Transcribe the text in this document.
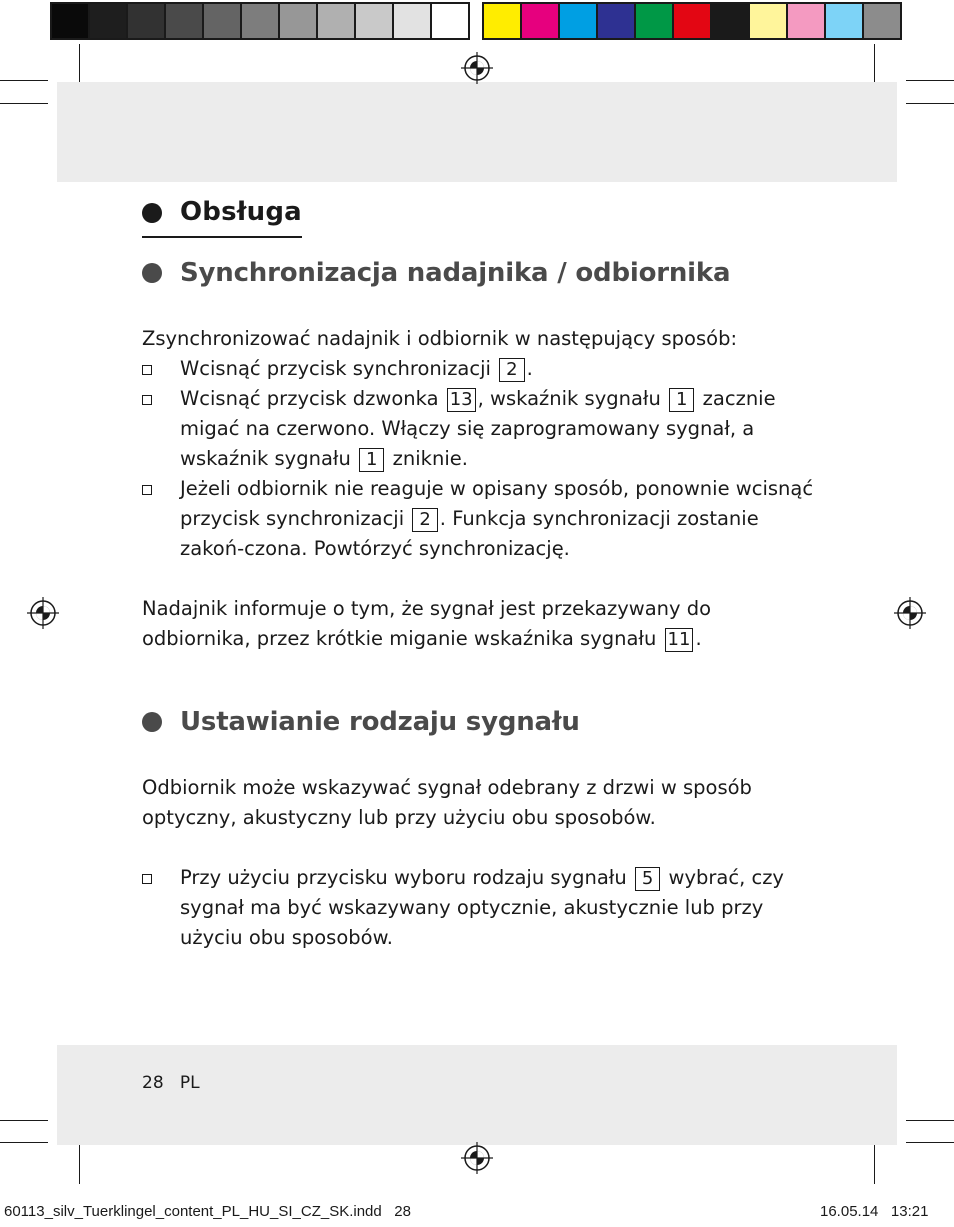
Obsługa
Synchronizacja nadajnika / odbiornika
Zsynchronizować nadajnik i odbiornik w następujący sposób:
Wcisnąć przycisk synchronizacji 2 .
Wcisnąć przycisk dzwonka 13 , wskaźnik sygnału 1 zacznie migać na czerwono. Włączy się zaprogramowany sygnał, a wskaźnik sygnału 1 zniknie.
Jeżeli odbiornik nie reaguje w opisany sposób, ponownie wcisnąć przycisk synchronizacji 2 . Funkcja synchronizacji zostanie zakoń-czona. Powtórzyć synchronizację.
Nadajnik informuje o tym, że sygnał jest przekazywany do odbiornika, przez krótkie miganie wskaźnika sygnału 11 .
Ustawianie rodzaju sygnału
Odbiornik może wskazywać sygnał odebrany z drzwi w sposób optyczny, akustyczny lub przy użyciu obu sposobów.
Przy użyciu przycisku wyboru rodzaju sygnału 5 wybrać, czy sygnał ma być wskazywany optycznie, akustycznie lub przy użyciu obu sposobów.
28 PL
60113_silv_Tuerklingel_content_PL_HU_SI_CZ_SK.indd   28	16.05.14   13:21
